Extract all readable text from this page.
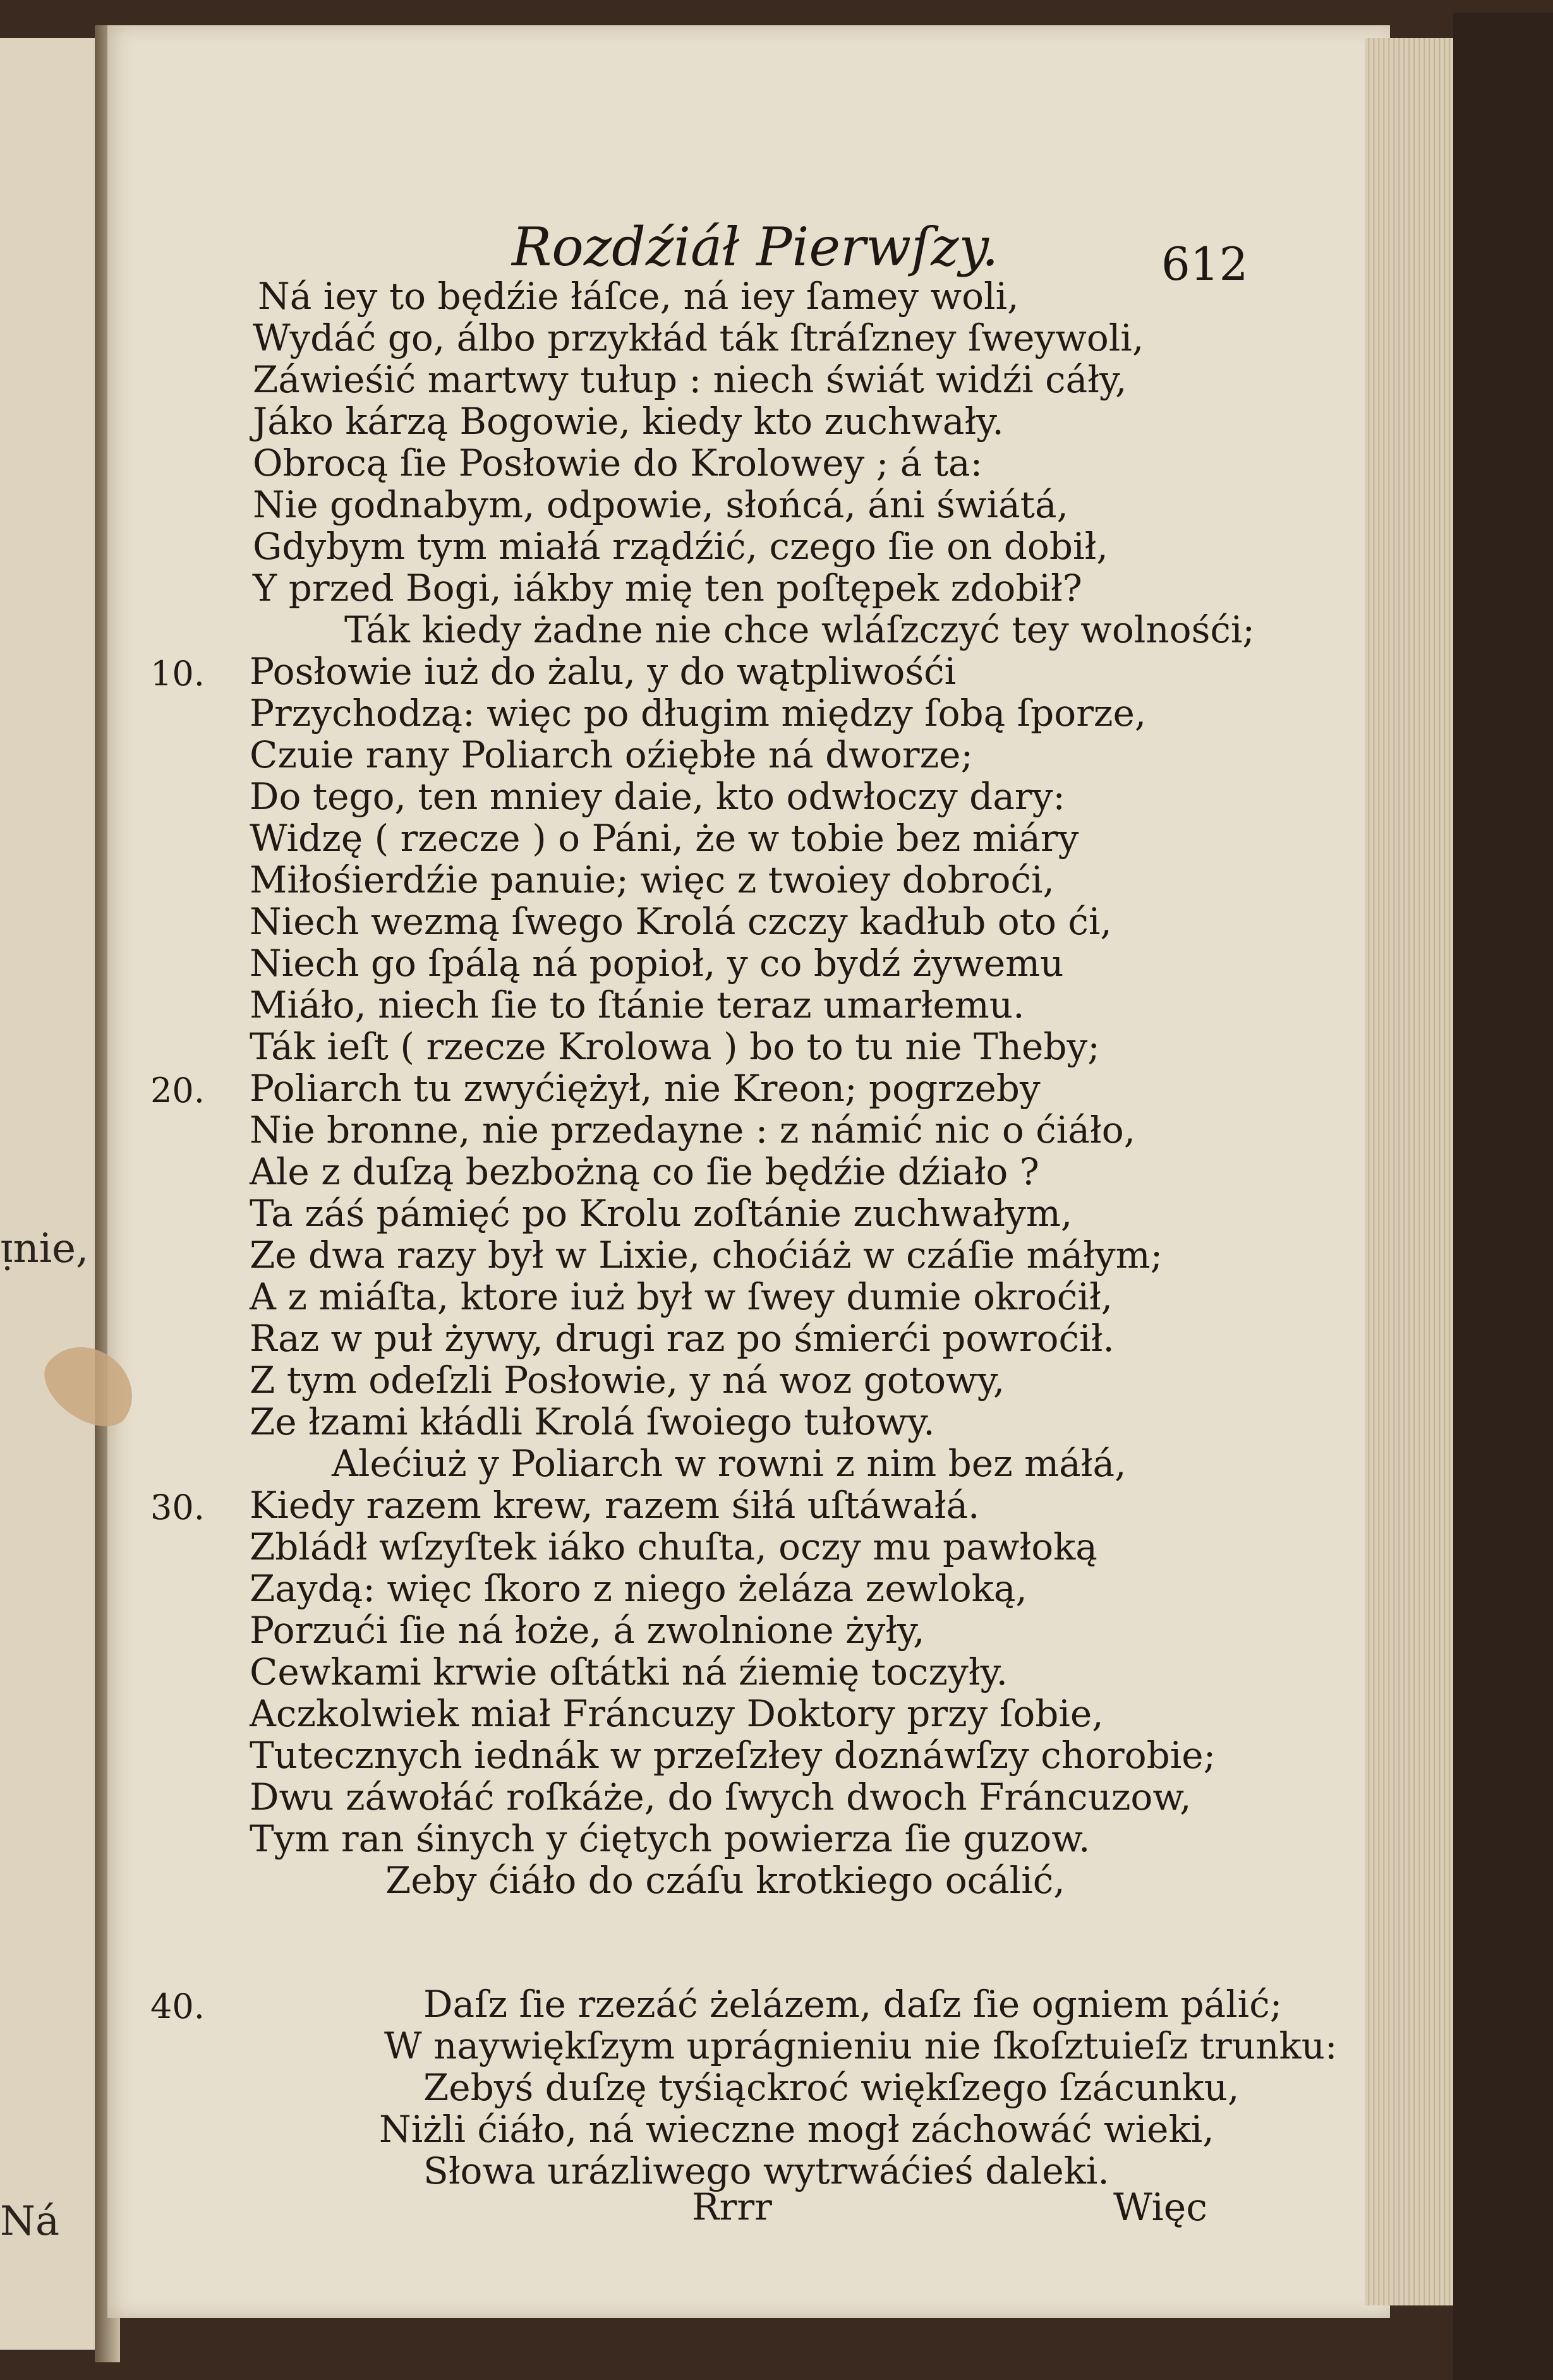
ᴉnie,
Ná
Rozdźiáł Pierwſzy.	612
Ná iey to będźie łáſce, ná iey ſamey woli,
Wydáć go, álbo przykłád ták ſtráſzney ſweywoli,
Záwieśić martwy tułup : niech świát widźi cáły,
Jáko kárzą Bogowie, kiedy kto zuchwały.
Obrocą ſie Posłowie do Krolowey ; á ta:
Nie godnabym, odpowie, słońcá, áni świátá,
Gdybym tym miałá rządźić, czego ſie on dobił,
Y przed Bogi, iákby mię ten poſtępek zdobił?
Ták kiedy żadne nie chce wláſzczyć tey wolnośći;
10. Posłowie iuż do żalu, y do wątpliwośći
Przychodzą: więc po długim między ſobą ſporze,
Czuie rany Poliarch oźiębłe ná dworze;
Do tego, ten mniey daie, kto odwłoczy dary:
Widzę ( rzecze ) o Páni, że w tobie bez miáry
Miłośierdźie panuie; więc z twoiey dobroći,
Niech wezmą ſwego Krolá czczy kadłub oto ći,
Niech go ſpálą ná popioł, y co bydź żywemu
Miáło, niech ſie to ſtánie teraz umarłemu.
Ták ieſt ( rzecze Krolowa ) bo to tu nie Theby;
20. Poliarch tu zwyćiężył, nie Kreon; pogrzeby
Nie bronne, nie przedayne : z námić nic o ćiáło,
Ale z duſzą bezbożną co ſie będźie dźiało ?
Ta záś pámięć po Krolu zoſtánie zuchwałym,
Ze dwa razy był w Lixie, choćiáż w czáſie máłym;
A z miáſta, ktore iuż był w ſwey dumie okroćił,
Raz w puł żywy, drugi raz po śmierći powroćił.
Z tym odeſzli Posłowie, y ná woz gotowy,
Ze łzami kłádli Krolá ſwoiego tułowy.
Alećiuż y Poliarch w rowni z nim bez máłá,
30. Kiedy razem krew, razem śiłá uſtáwałá.
Zbládł wſzyſtek iáko chuſta, oczy mu pawłoką
Zaydą: więc ſkoro z niego żeláza zewloką,
Porzući ſie ná łoże, á zwolnione żyły,
Cewkami krwie oſtátki ná źiemię toczyły.
Aczkolwiek miał Fráncuzy Doktory przy ſobie,
Tutecznych iednák w przeſzłey doznáwſzy chorobie;
Dwu záwołáć roſkáże, do ſwych dwoch Fráncuzow,
Tym ran śinych y ćiętych powierza ſie guzow.
Zeby ćiáło do czáſu krotkiego ocálić,
40.	Daſz ſie rzezáć żelázem, daſz ſie ogniem pálić;
W naywiękſzym uprágnieniu nie ſkoſztuieſz trunku:
Zebyś duſzę tyśiąckroć więkſzego ſzácunku,
Niżli ćiáło, ná wieczne mogł záchowáć wieki,
Słowa urázliwego wytrwáćieś daleki.
Rrrr	Więc
